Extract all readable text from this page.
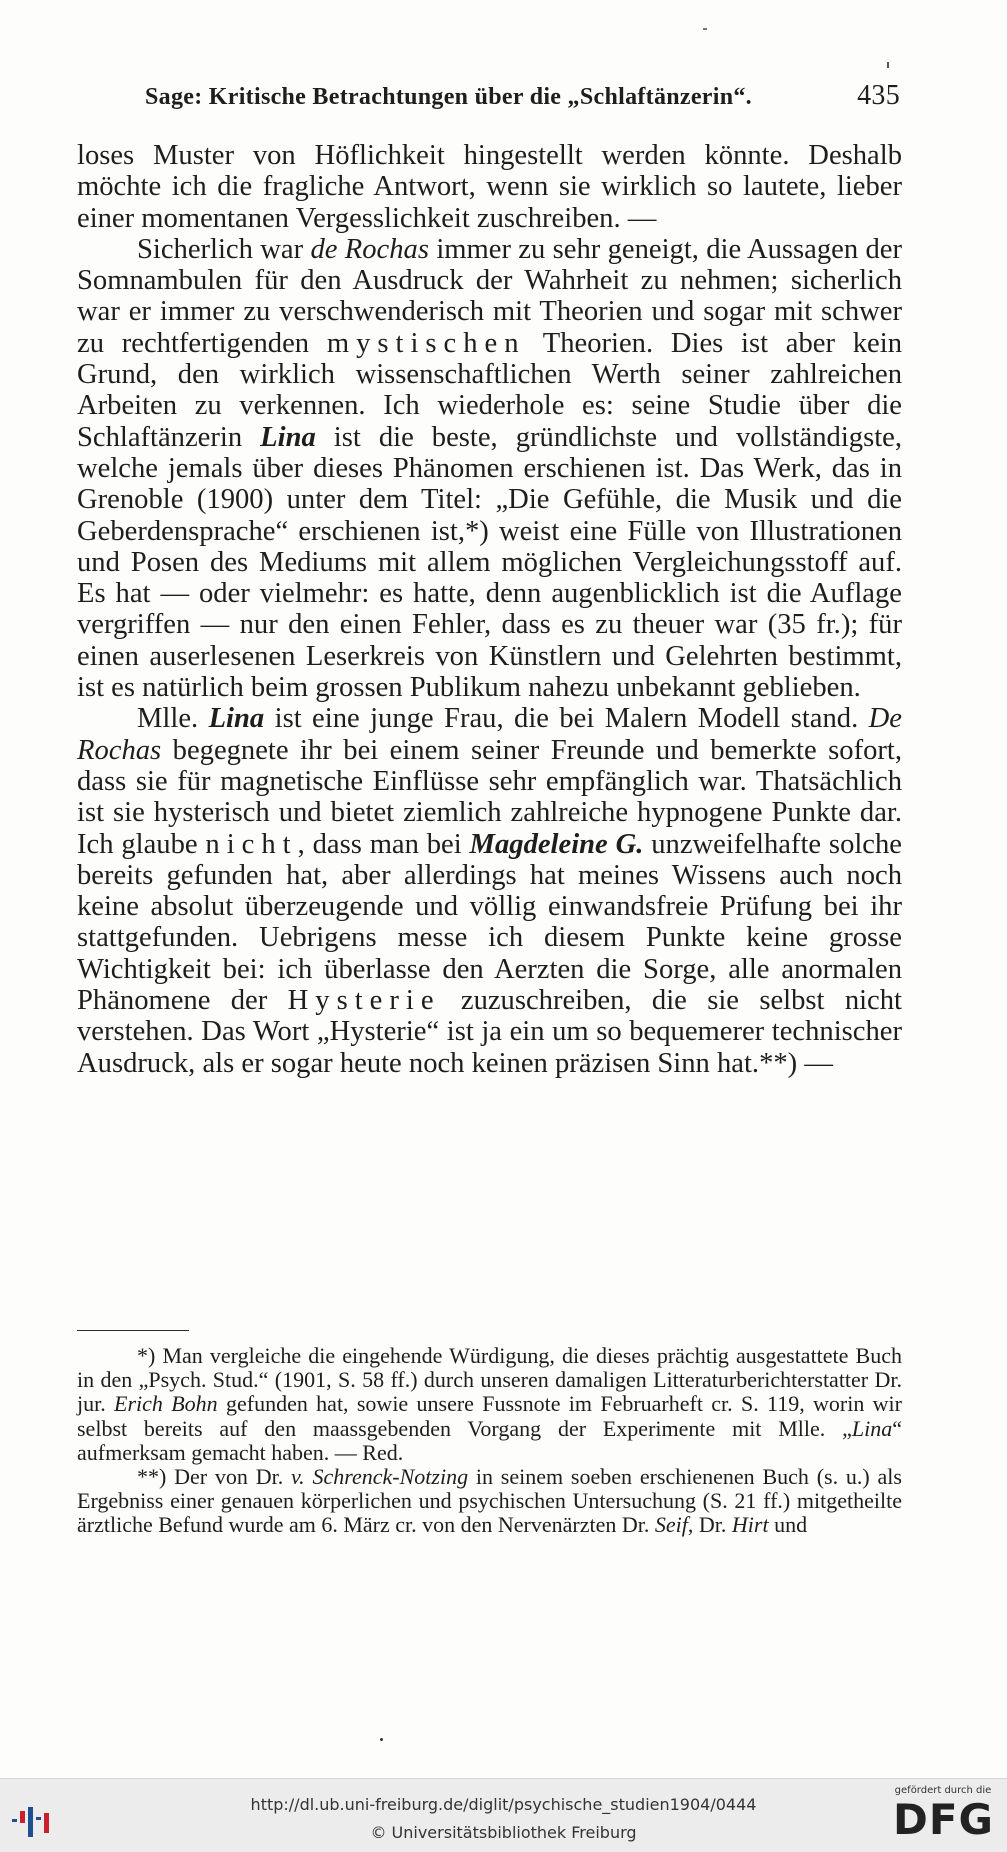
Sage: Kritische Betrachtungen über die „Schlaftänzerin“.	435

loses Muster von Höflichkeit hingestellt werden könnte. Deshalb möchte ich die fragliche Antwort, wenn sie wirklich so lautete, lieber einer momentanen Vergesslichkeit zuschreiben. —

Sicherlich war de Rochas immer zu sehr geneigt, die Aussagen der Somnambulen für den Ausdruck der Wahrheit zu nehmen; sicherlich war er immer zu verschwenderisch mit Theorien und sogar mit schwer zu rechtfertigenden mystischen Theorien. Dies ist aber kein Grund, den wirklich wissenschaftlichen Werth seiner zahlreichen Arbeiten zu verkennen. Ich wiederhole es: seine Studie über die Schlaftänzerin Lina ist die beste, gründlichste und vollständigste, welche jemals über dieses Phänomen erschienen ist. Das Werk, das in Grenoble (1900) unter dem Titel: „Die Gefühle, die Musik und die Geberdensprache“ erschienen ist,*) weist eine Fülle von Illustrationen und Posen des Mediums mit allem möglichen Vergleichungsstoff auf. Es hat — oder vielmehr: es hatte, denn augenblicklich ist die Auflage vergriffen — nur den einen Fehler, dass es zu theuer war (35 fr.); für einen auserlesenen Leserkreis von Künstlern und Gelehrten bestimmt, ist es natürlich beim grossen Publikum nahezu unbekannt geblieben.

Mlle. Lina ist eine junge Frau, die bei Malern Modell stand. De Rochas begegnete ihr bei einem seiner Freunde und bemerkte sofort, dass sie für magnetische Einflüsse sehr empfänglich war. Thatsächlich ist sie hysterisch und bietet ziemlich zahlreiche hypnogene Punkte dar. Ich glaube nicht, dass man bei Magdeleine G. unzweifelhafte solche bereits gefunden hat, aber allerdings hat meines Wissens auch noch keine absolut überzeugende und völlig einwandsfreie Prüfung bei ihr stattgefunden. Uebrigens messe ich diesem Punkte keine grosse Wichtigkeit bei: ich überlasse den Aerzten die Sorge, alle anormalen Phänomene der Hysterie zuzuschreiben, die sie selbst nicht verstehen. Das Wort „Hysterie“ ist ja ein um so bequemerer technischer Ausdruck, als er sogar heute noch keinen präzisen Sinn hat.**) —

*) Man vergleiche die eingehende Würdigung, die dieses prächtig ausgestattete Buch in den „Psych. Stud.“ (1901, S. 58 ff.) durch unseren damaligen Litteraturberichterstatter Dr. jur. Erich Bohn gefunden hat, sowie unsere Fussnote im Februarheft cr. S. 119, worin wir selbst bereits auf den maassgebenden Vorgang der Experimente mit Mlle. „Lina“ aufmerksam gemacht haben. — Red.

**) Der von Dr. v. Schrenck-Notzing in seinem soeben erschienenen Buch (s. u.) als Ergebniss einer genauen körperlichen und psychischen Untersuchung (S. 21 ff.) mitgetheilte ärztliche Befund wurde am 6. März cr. von den Nervenärzten Dr. Seif, Dr. Hirt und

http://dl.ub.uni-freiburg.de/diglit/psychische_studien1904/0444
© Universitätsbibliothek Freiburg
gefördert durch die
DFG
